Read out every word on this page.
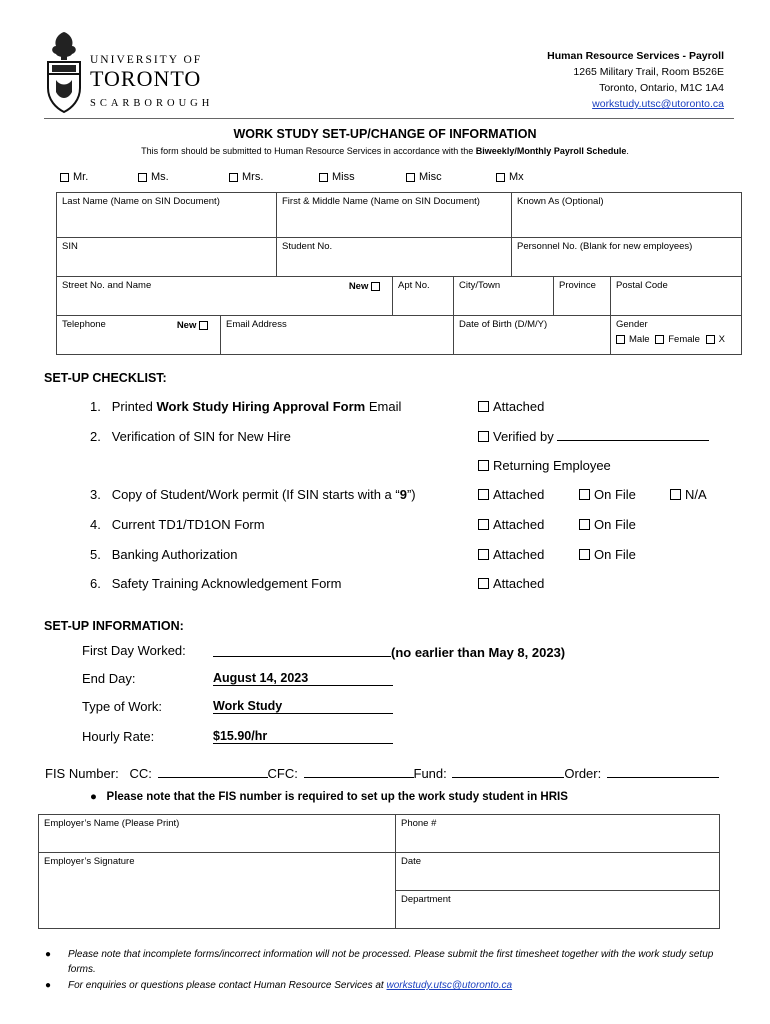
UNIVERSITY OF
TORONTO
SCARBOROUGH
Human Resource Services - Payroll
1265 Military Trail, Room B526E
Toronto, Ontario, M1C 1A4
workstudy.utsc@utoronto.ca
WORK STUDY SET-UP/CHANGE OF INFORMATION
This form should be submitted to Human Resource Services in accordance with the Biweekly/Monthly Payroll Schedule.
Mr.	Ms.	Mrs.	Miss	Misc	Mx
Last Name (Name on SIN Document)	First & Middle Name (Name on SIN Document)	Known As (Optional)
SIN	Student No.	Personnel No. (Blank for new employees)
Street No. and Name	New	Apt No.	City/Town	Province	Postal Code
Telephone	New	Email Address	Date of Birth (D/M/Y)	Gender
Male Female X
SET-UP CHECKLIST:
1. Printed Work Study Hiring Approval Form Email	Attached
2. Verification of SIN for New Hire	Verified by
Returning Employee
3. Copy of Student/Work permit (If SIN starts with a “9”)	Attached	On File	N/A
4. Current TD1/TD1ON Form	Attached	On File
5. Banking Authorization	Attached	On File
6. Safety Training Acknowledgement Form	Attached
SET-UP INFORMATION:
First Day Worked:	(no earlier than May 8, 2023)
End Day:	August 14, 2023
Type of Work:	Work Study
Hourly Rate:	$15.90/hr
FIS Number: CC:	CFC:	Fund:	Order:
● Please note that the FIS number is required to set up the work study student in HRIS
Employer’s Name (Please Print)	Phone #
Employer’s Signature	Date
Department
● Please note that incomplete forms/incorrect information will not be processed. Please submit the first timesheet together with the work study setup forms.
● For enquiries or questions please contact Human Resource Services at workstudy.utsc@utoronto.ca
